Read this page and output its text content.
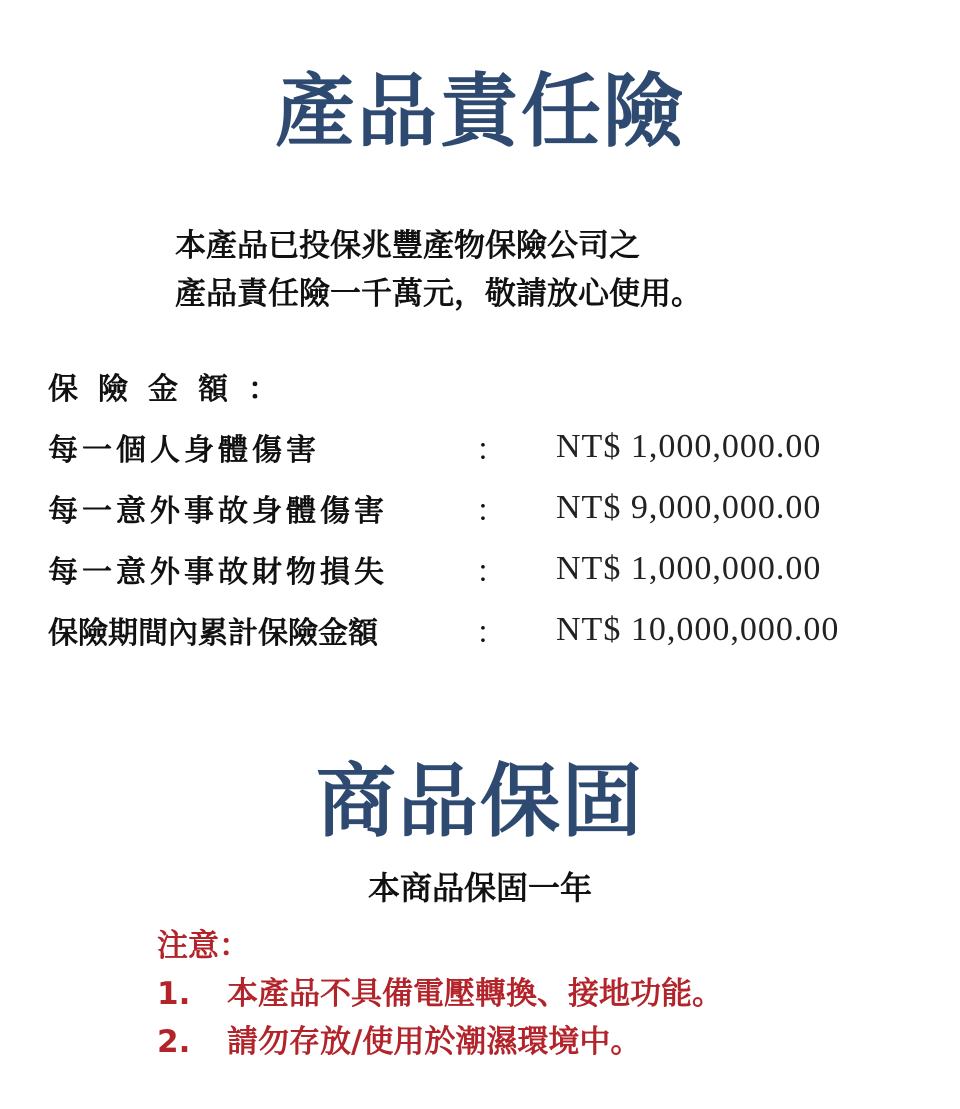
產品責任險
本產品已投保兆豐產物保險公司之
產品責任險一千萬元，敬請放心使用。
保險金額：
每一個人身體傷害	：	NT$ 1,000,000.00
每一意外事故身體傷害	：	NT$ 9,000,000.00
每一意外事故財物損失	：	NT$ 1,000,000.00
保險期間內累計保險金額	：	NT$ 10,000,000.00
商品保固
本商品保固一年
注意：
1.	本產品不具備電壓轉換、接地功能。
2.	請勿存放/使用於潮濕環境中。
